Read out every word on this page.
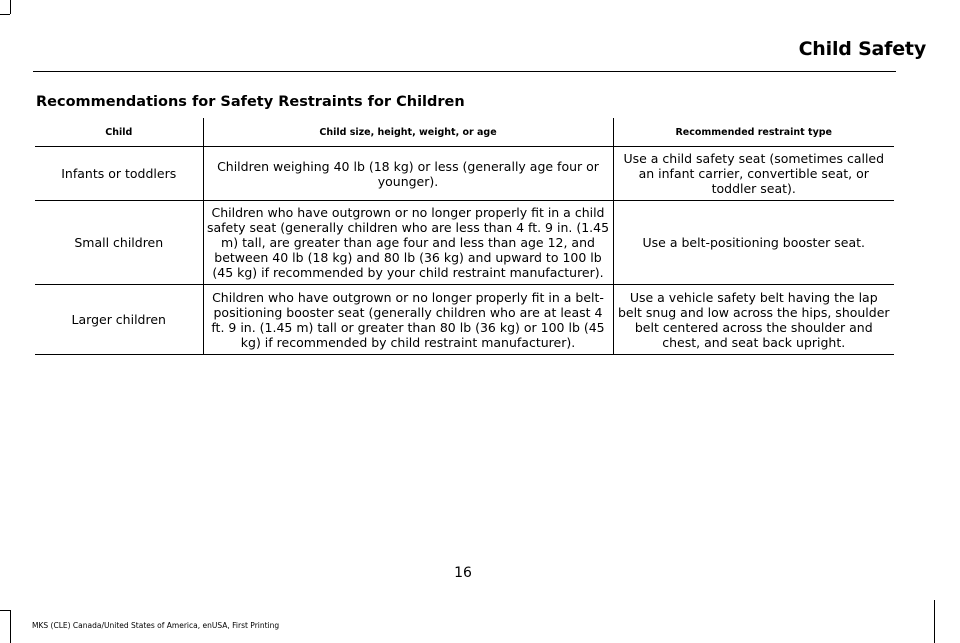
Child Safety
Recommendations for Safety Restraints for Children
Child	Child size, height, weight, or age	Recommended restraint type
Infants or toddlers	Children weighing 40 lb (18 kg) or less (generally age four or younger).	Use a child safety seat (sometimes called an infant carrier, convertible seat, or toddler seat).
Small children	Children who have outgrown or no longer properly fit in a child safety seat (generally children who are less than 4 ft. 9 in. (1.45 m) tall, are greater than age four and less than age 12, and between 40 lb (18 kg) and 80 lb (36 kg) and upward to 100 lb (45 kg) if recommended by your child restraint manufacturer).	Use a belt-positioning booster seat.
Larger children	Children who have outgrown or no longer properly fit in a belt-positioning booster seat (generally children who are at least 4 ft. 9 in. (1.45 m) tall or greater than 80 lb (36 kg) or 100 lb (45 kg) if recommended by child restraint manufacturer).	Use a vehicle safety belt having the lap belt snug and low across the hips, shoulder belt centered across the shoulder and chest, and seat back upright.
16
MKS (CLE) Canada/United States of America, enUSA, First Printing
